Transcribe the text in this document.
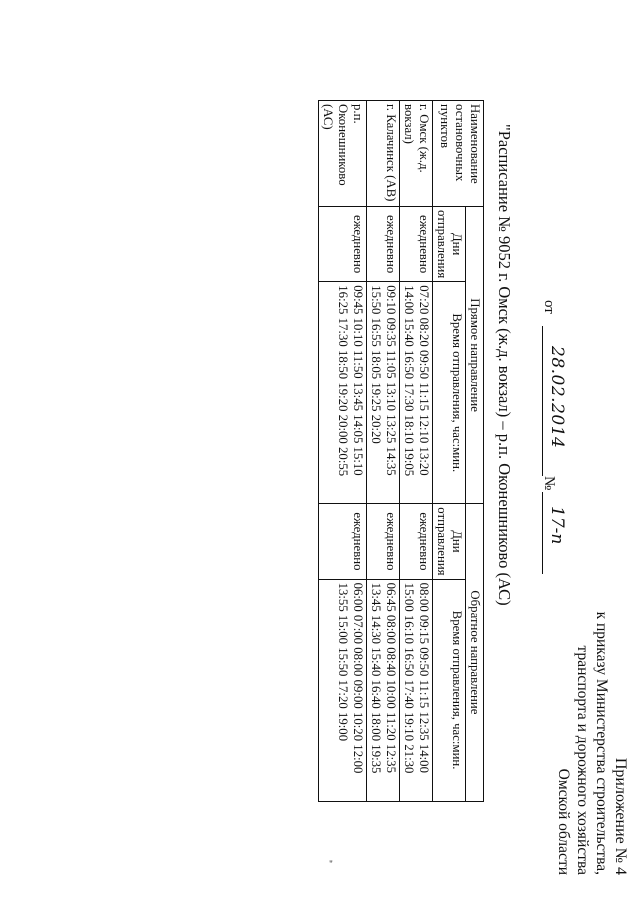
Приложение № 4
к приказу Министерства строительства,
транспорта и дорожного хозяйства
Омской области
от
28.02.2014
№
17-п
"Расписание № 9052 г. Омск (ж.д. вокзал) – р.п. Оконешниково (АС)
Наименование остановочных пунктов	Прямое направление		Обратное направление	
	Дни отправления	Время отправления, час:мин.	Дни отправления	Время отправления, час:мин.
г. Омск (ж.д. вокзал)	ежедневно	07:20 08:20 09:50 11:15 12:10 13:20 14:00 15:40 16:50 17:30 18:10 19:05	ежедневно	08:00 09:15 09:50 11:15 12:35 14:00 15:00 16:10 16:50 17:40 19:10 21:30
г. Калачинск (АВ)	ежедневно	09:10 09:35 11:05 13:10 13:25 14:35 15:50 16:55 18:05 19:25 20:20	ежедневно	06:45 08:00 08:40 10:00 11:20 12:35 13:45 14:30 15:40 16:40 18:00 19:35
р.п. Оконешниково (АС)	ежедневно	09:45 10:10 11:50 13:45 14:05 15:10 16:25 17:30 18:50 19:20 20:00 20:55	ежедневно	06:00 07:00 08:00 09:00 10:20 12:00 13:55 15:00 15:50 17:20 19:00
"
